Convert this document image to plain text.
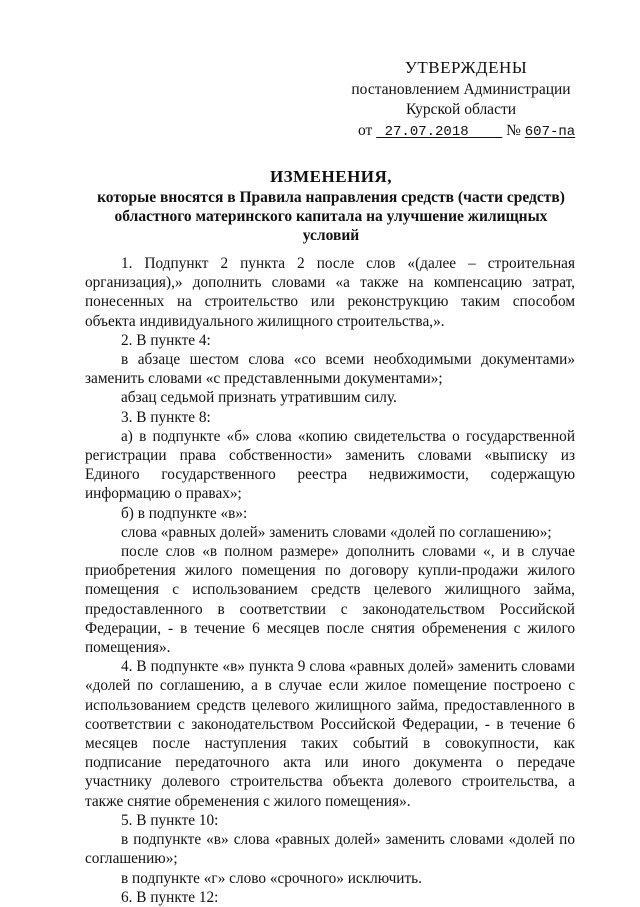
УТВЕРЖДЕНЫ
постановлением Администрации
Курской области
от 27.07.2018 № 607-па
ИЗМЕНЕНИЯ,
которые вносятся в Правила направления средств (части средств) областного материнского капитала на улучшение жилищных условий

1. Подпункт 2 пункта 2 после слов «(далее – строительная организация),» дополнить словами «а также на компенсацию затрат, понесенных на строительство или реконструкцию таким способом объекта индивидуального жилищного строительства,».

2. В пункте 4:

в абзаце шестом слова «со всеми необходимыми документами» заменить словами «с представленными документами»;

абзац седьмой признать утратившим силу.

3. В пункте 8:

а) в подпункте «б» слова «копию свидетельства о государственной регистрации права собственности» заменить словами «выписку из Единого государственного реестра недвижимости, содержащую информацию о правах»;

б) в подпункте «в»:

слова «равных долей» заменить словами «долей по соглашению»;

после слов «в полном размере» дополнить словами «, и в случае приобретения жилого помещения по договору купли-продажи жилого помещения с использованием средств целевого жилищного займа, предоставленного в соответствии с законодательством Российской Федерации, - в течение 6 месяцев после снятия обременения с жилого помещения».

4. В подпункте «в» пункта 9 слова «равных долей» заменить словами «долей по соглашению, а в случае если жилое помещение построено с использованием средств целевого жилищного займа, предоставленного в соответствии с законодательством Российской Федерации, - в течение 6 месяцев после наступления таких событий в совокупности, как подписание передаточного акта или иного документа о передаче участнику долевого строительства объекта долевого строительства, а также снятие обременения с жилого помещения».

5. В пункте 10:

в подпункте «в» слова «равных долей» заменить словами «долей по соглашению»;

в подпункте «г» слово «срочного» исключить.

6. В пункте 12:
